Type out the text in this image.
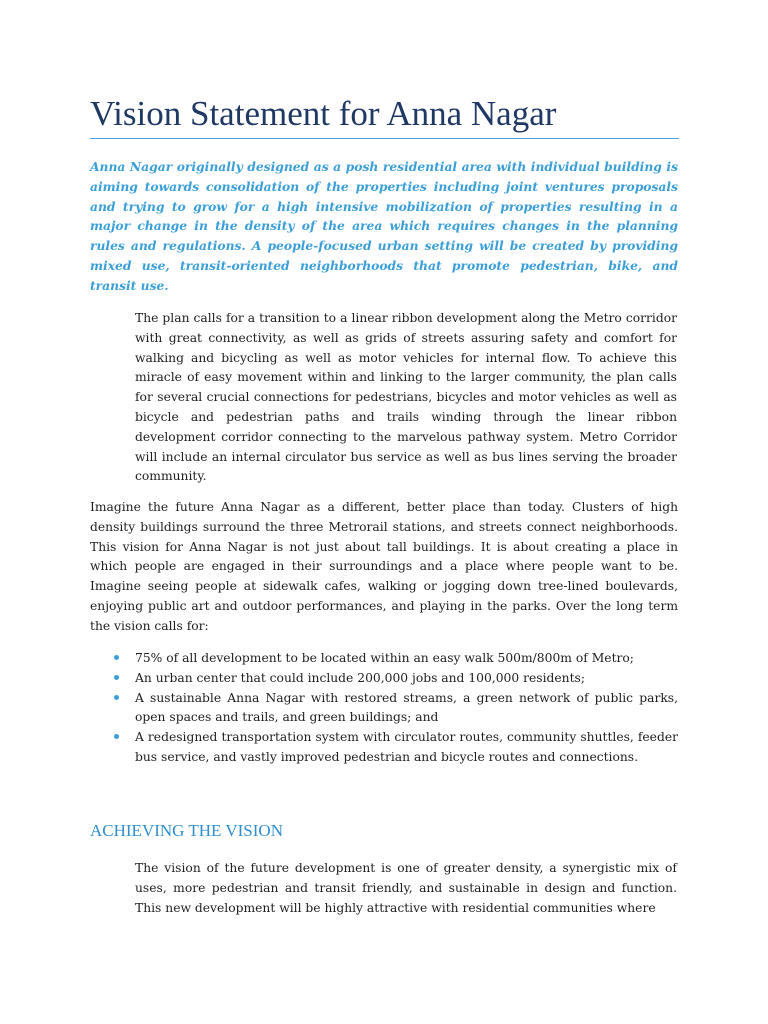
Vision Statement for Anna Nagar

Anna Nagar originally designed as a posh residential area with individual building is aiming towards consolidation of the properties including joint ventures proposals and trying to grow for a high intensive mobilization of properties resulting in a major change in the density of the area which requires changes in the planning rules and regulations. A people-focused urban setting will be created by providing mixed use, transit-oriented neighborhoods that promote pedestrian, bike, and transit use.

The plan calls for a transition to a linear ribbon development along the Metro corridor with great connectivity, as well as grids of streets assuring safety and comfort for walking and bicycling as well as motor vehicles for internal flow. To achieve this miracle of easy movement within and linking to the larger community, the plan calls for several crucial connections for pedestrians, bicycles and motor vehicles as well as bicycle and pedestrian paths and trails winding through the linear ribbon development corridor connecting to the marvelous pathway system. Metro Corridor will include an internal circulator bus service as well as bus lines serving the broader community.

Imagine the future Anna Nagar as a different, better place than today. Clusters of high density buildings surround the three Metrorail stations, and streets connect neighborhoods. This vision for Anna Nagar is not just about tall buildings. It is about creating a place in which people are engaged in their surroundings and a place where people want to be. Imagine seeing people at sidewalk cafes, walking or jogging down tree-lined boulevards, enjoying public art and outdoor performances, and playing in the parks. Over the long term the vision calls for:

75% of all development to be located within an easy walk 500m/800m of Metro;
An urban center that could include 200,000 jobs and 100,000 residents;
A sustainable Anna Nagar with restored streams, a green network of public parks, open spaces and trails, and green buildings; and
A redesigned transportation system with circulator routes, community shuttles, feeder bus service, and vastly improved pedestrian and bicycle routes and connections.
ACHIEVING THE VISION

The vision of the future development is one of greater density, a synergistic mix of uses, more pedestrian and transit friendly, and sustainable in design and function. This new development will be highly attractive with residential communities where
